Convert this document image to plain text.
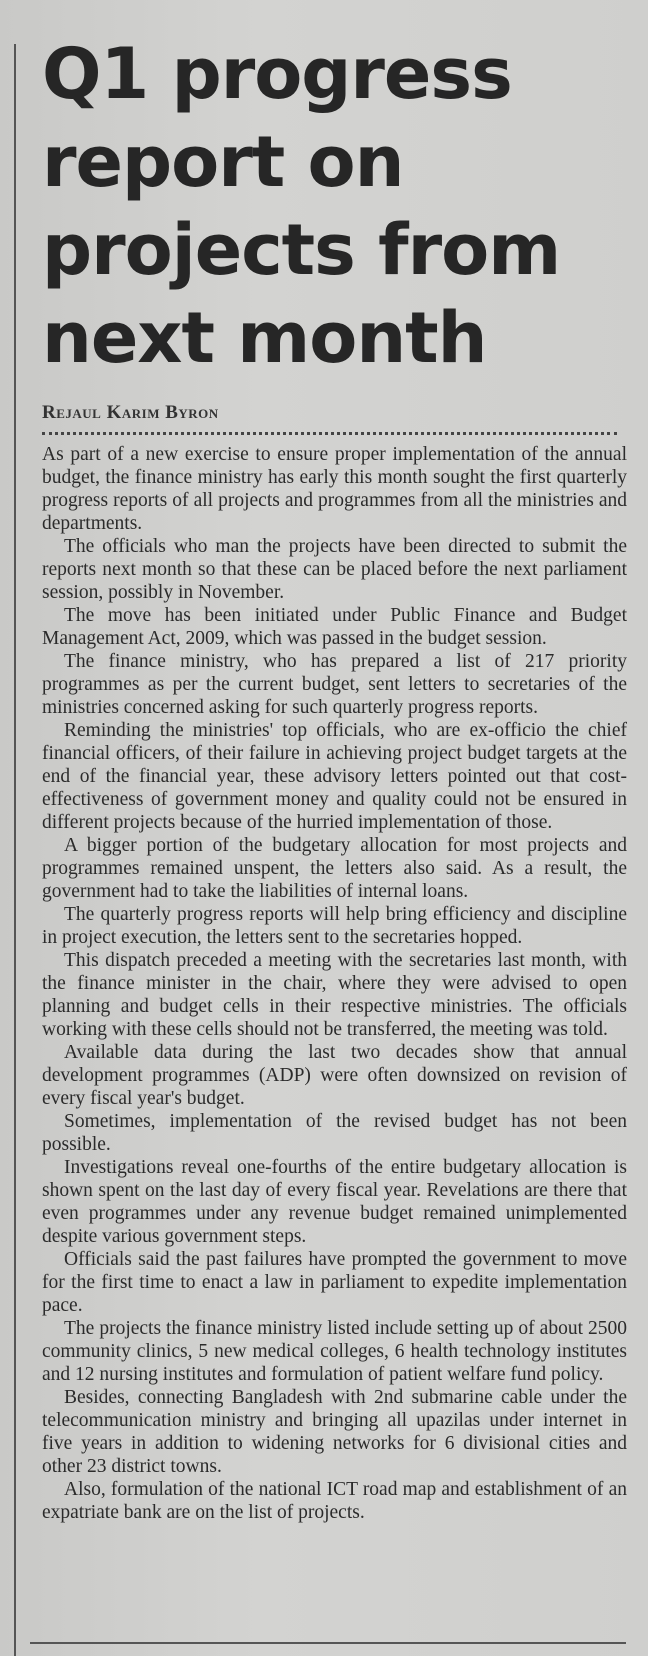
Q1 progress report on projects from next month
Rejaul Karim Byron

As part of a new exercise to ensure proper implementation of the annual budget, the finance ministry has early this month sought the first quarterly progress reports of all projects and programmes from all the ministries and departments.

The officials who man the projects have been directed to submit the reports next month so that these can be placed before the next parliament session, possibly in November.

The move has been initiated under Public Finance and Budget Management Act, 2009, which was passed in the budget session.

The finance ministry, who has prepared a list of 217 priority programmes as per the current budget, sent letters to secretaries of the ministries concerned asking for such quarterly progress reports.

Reminding the ministries' top officials, who are ex-officio the chief financial officers, of their failure in achieving project budget targets at the end of the financial year, these advisory letters pointed out that cost-effectiveness of government money and quality could not be ensured in different projects because of the hurried implementation of those.

A bigger portion of the budgetary allocation for most projects and programmes remained unspent, the letters also said. As a result, the government had to take the liabilities of internal loans.

The quarterly progress reports will help bring efficiency and discipline in project execution, the letters sent to the secretaries hopped.

This dispatch preceded a meeting with the secretaries last month, with the finance minister in the chair, where they were advised to open planning and budget cells in their respective ministries. The officials working with these cells should not be transferred, the meeting was told.

Available data during the last two decades show that annual development programmes (ADP) were often downsized on revision of every fiscal year's budget.

Sometimes, implementation of the revised budget has not been possible.

Investigations reveal one-fourths of the entire budgetary allocation is shown spent on the last day of every fiscal year. Revelations are there that even programmes under any revenue budget remained unimplemented despite various government steps.

Officials said the past failures have prompted the government to move for the first time to enact a law in parliament to expedite implementation pace.

The projects the finance ministry listed include setting up of about 2500 community clinics, 5 new medical colleges, 6 health technology institutes and 12 nursing institutes and formulation of patient welfare fund policy.

Besides, connecting Bangladesh with 2nd submarine cable under the telecommunication ministry and bringing all upazilas under internet in five years in addition to widening networks for 6 divisional cities and other 23 district towns.

Also, formulation of the national ICT road map and establishment of an expatriate bank are on the list of projects.
